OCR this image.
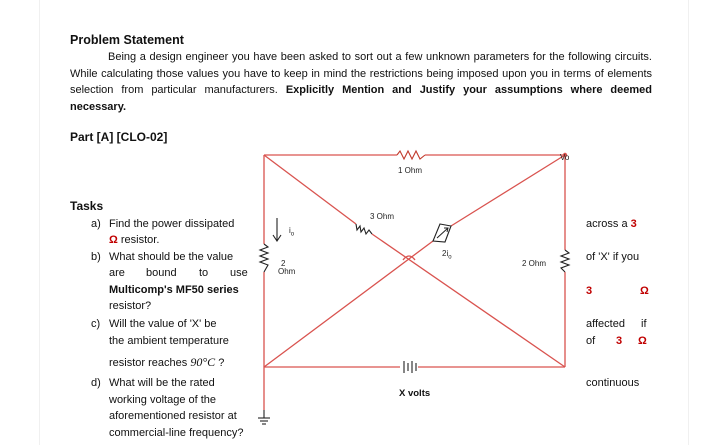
Problem Statement
Being a design engineer you have been asked to sort out a few unknown parameters for the following circuits. While calculating those values you have to keep in mind the restrictions being imposed upon you in terms of elements selection from particular manufacturers. Explicitly Mention and Justify your assumptions where deemed necessary.
Part [A] [CLO-02]
Tasks
a) Find the power dissipated
Ω resistor.
across a 3
b) What should be the value
are bound to use
Multicomp's MF50 series
resistor?
of 'X' if you
3	Ω
c) Will the value of 'X' be
the ambient temperature
resistor reaches 90°C ?
affected if
of 3 Ω
d) What will be the rated
working voltage of the
aforementioned resistor at
commercial-line frequency?
continuous
1 Ohm
3 Ohm
2 Ohm
2
Ohm
$i_o$
$2i_o$
Vo
X volts
